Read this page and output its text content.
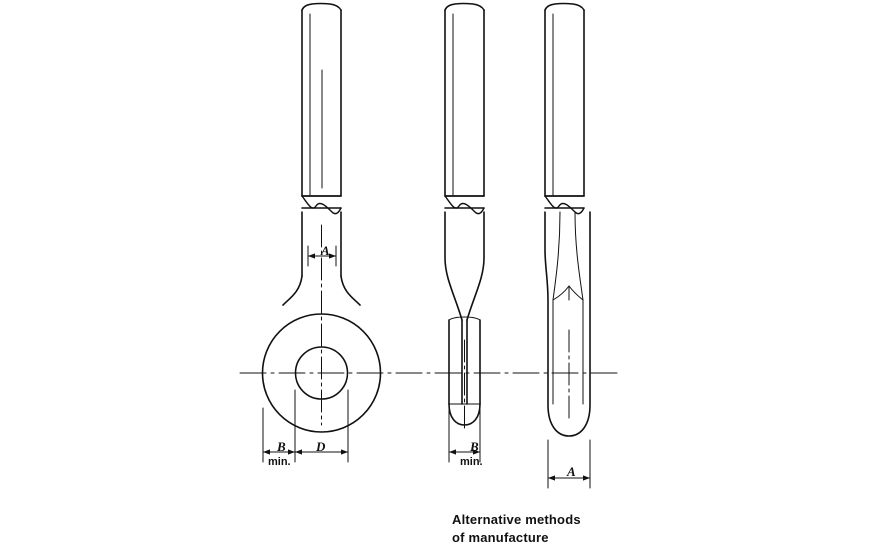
A
B D	B
A
min.	min.
Alternative methods
of manufacture
